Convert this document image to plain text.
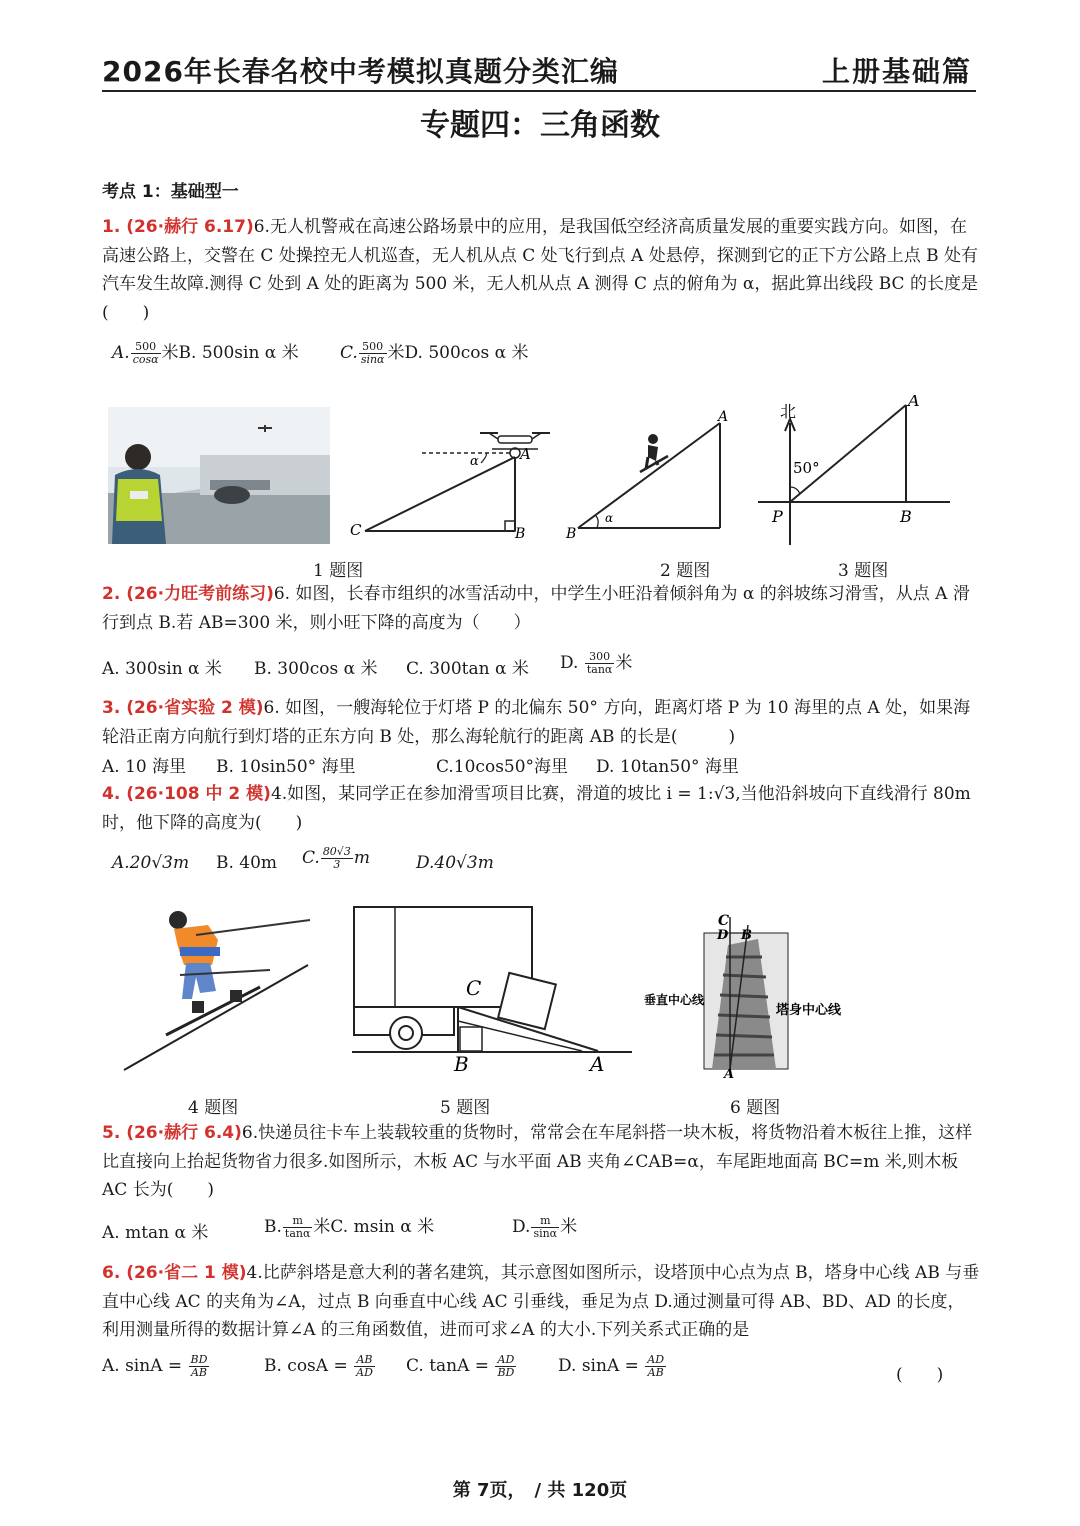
2026年长春名校中考模拟真题分类汇编	上册基础篇
专题四：三角函数
考点 1：基础型一
1. (26·赫行 6.17)6.无人机警戒在高速公路场景中的应用，是我国低空经济高质量发展的重要实践方向。如图，在高速公路上，交警在 C 处操控无人机巡查，无人机从点 C 处飞行到点 A 处悬停，探测到它的正下方公路上点 B 处有汽车发生故障.测得 C 处到 A 处的距离为 500 米，无人机从点 A 测得 C 点的俯角为 α，据此算出线段 BC 的长度是(　　)
A. $\frac{500}{\cos\alpha}$ 米B. 500sin α 米 C. $\frac{500}{\sin\alpha}$ 米D. 500cos α 米
C
A
B
α
B
A
α
北
50°
P
A
B
1 题图	2 题图	3 题图
2. (26·力旺考前练习)6. 如图，长春市组织的冰雪活动中，中学生小旺沿着倾斜角为 α 的斜坡练习滑雪，从点 A 滑行到点 B.若 AB=300 米，则小旺下降的高度为（　　）
A. 300sin α 米 B. 300cos α 米 C. 300tan α 米 D. $\frac{300}{\tan\alpha}$ 米
3. (26·省实验 2 模)6. 如图，一艘海轮位于灯塔 P 的北偏东 50° 方向，距离灯塔 P 为 10 海里的点 A 处，如果海轮沿正南方向航行到灯塔的正东方向 B 处，那么海轮航行的距离 AB 的长是(　　　)
A. 10 海里 B. 10sin50° 海里	C.10cos50°海里 D. 10tan50° 海里
4. (26·108 中 2 模)4.如图，某同学正在参加滑雪项目比赛，滑道的坡比 i = 1:√3,当他沿斜坡向下直线滑行 80m 时，他下降的高度为(　　)
A.20√3m B. 40m C. $\frac{80√3}{3}$ m	D.40√3m
C
B	A
C
D B
A
垂直中心线
塔身中心线
4 题图	5 题图	6 题图
5. (26·赫行 6.4)6.快递员往卡车上装载较重的货物时，常常会在车尾斜搭一块木板，将货物沿着木板往上推，这样比直接向上抬起货物省力很多.如图所示，木板 AC 与水平面 AB 夹角∠CAB=α，车尾距地面高 BC=m 米,则木板 AC 长为(　　)
A. mtan α 米	B. $\frac{m}{\tan\alpha}$ 米C. msin α 米	D. $\frac{m}{\sin\alpha}$ 米
6. (26·省二 1 模)4.比萨斜塔是意大利的著名建筑，其示意图如图所示，设塔顶中心点为点 B，塔身中心线 AB 与垂直中心线 AC 的夹角为∠A，过点 B 向垂直中心线 AC 引垂线，垂足为点 D.通过测量可得 AB、BD、AD 的长度，利用测量所得的数据计算∠A 的三角函数值，进而可求∠A 的大小.下列关系式正确的是
A. $\sin A = \frac{BD}{AB}$	B. $\cos A = \frac{AB}{AD} C$. $\tan A = \frac{AD}{BD} D$. $\sin A = \frac{AD}{AB}$	(　　)
第 7页，　/ 共 120页
